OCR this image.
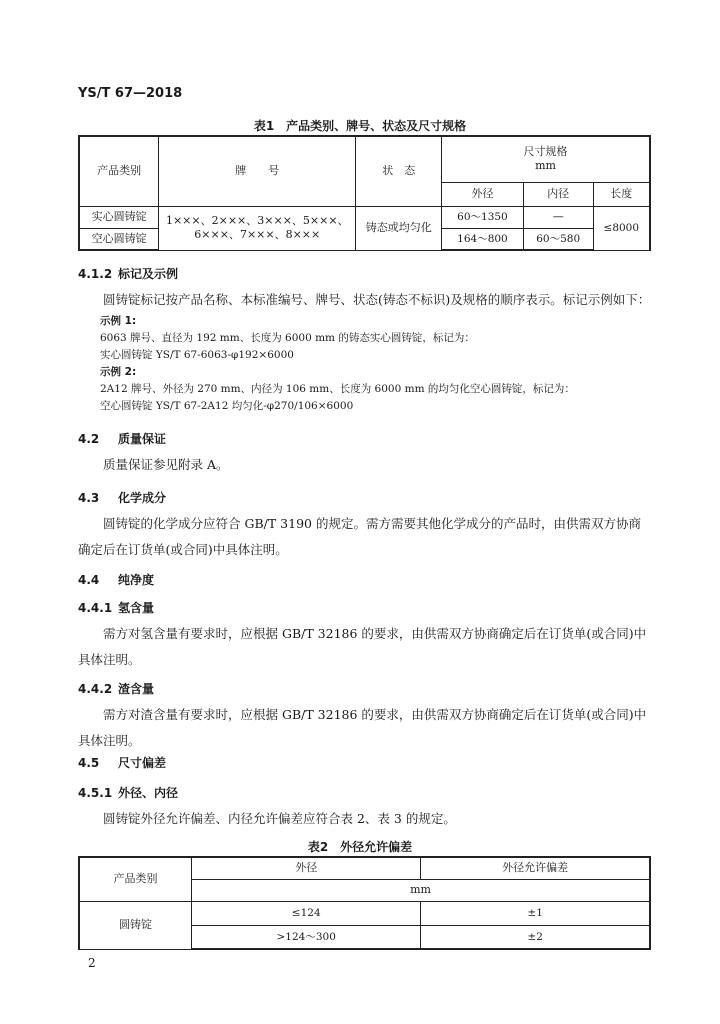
YS/T 67—2018
表1　产品类别、牌号、状态及尺寸规格
产品类别	牌　　号	状　态	尺寸规格
mm		

			外径	内径	长度
实心圆铸锭	1×××、2×××、3×××、5×××、
6×××、7×××、8×××	铸态或均匀化	60～1350	—	≤8000
空心圆铸锭			164～800	60～580	
4.1.2 标记及示例
圆铸锭标记按产品名称、本标准编号、牌号、状态(铸态不标识)及规格的顺序表示。标记示例如下：
示例 1:
6063 牌号、直径为 192 mm、长度为 6000 mm 的铸态实心圆铸锭，标记为：
实心圆铸锭 YS/T 67-6063-φ192×6000
示例 2:
2A12 牌号、外径为 270 mm、内径为 106 mm、长度为 6000 mm 的均匀化空心圆铸锭，标记为：
空心圆铸锭 YS/T 67-2A12 均匀化-φ270/106×6000
4.2 质量保证
质量保证参见附录 A。
4.3 化学成分
圆铸锭的化学成分应符合 GB/T 3190 的规定。需方需要其他化学成分的产品时，由供需双方协商
确定后在订货单(或合同)中具体注明。
4.4 纯净度
4.4.1 氢含量
需方对氢含量有要求时，应根据 GB/T 32186 的要求，由供需双方协商确定后在订货单(或合同)中
具体注明。
4.4.2 渣含量
需方对渣含量有要求时，应根据 GB/T 32186 的要求，由供需双方协商确定后在订货单(或合同)中
具体注明。
4.5 尺寸偏差
4.5.1 外径、内径
圆铸锭外径允许偏差、内径允许偏差应符合表 2、表 3 的规定。
表2　外径允许偏差
产品类别	外径	外径允许偏差
	mm	
圆铸锭	≤124	±1
	>124～300	±2
2
